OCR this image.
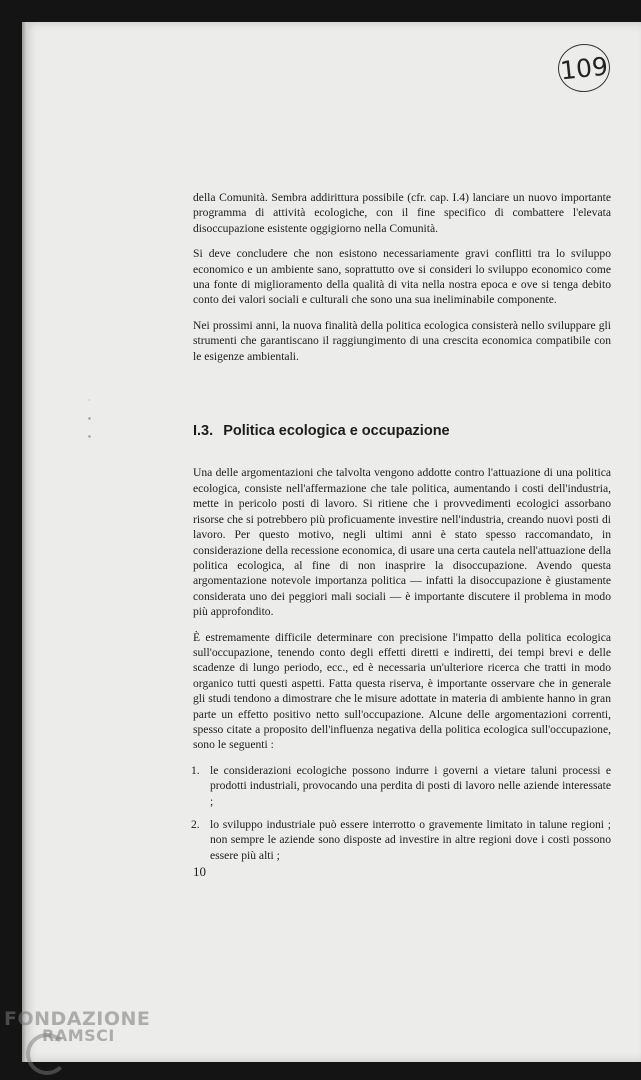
109
·
▪
▪

della Comunità. Sembra addirittura possibile (cfr. cap. I.4) lanciare un nuovo importante programma di attività ecologiche, con il fine specifico di combattere l'elevata disoccupazione esistente oggigiorno nella Comunità.

Si deve concludere che non esistono necessariamente gravi conflitti tra lo sviluppo economico e un ambiente sano, soprattutto ove si consideri lo sviluppo economico come una fonte di miglioramento della qualità di vita nella nostra epoca e ove si tenga debito conto dei valori sociali e culturali che sono una sua ineliminabile componente.

Nei prossimi anni, la nuova finalità della politica ecologica consisterà nello sviluppare gli strumenti che garantiscano il raggiungimento di una crescita economica compatibile con le esigenze ambientali.

I.3. Politica ecologica e occupazione

Una delle argomentazioni che talvolta vengono addotte contro l'attuazione di una politica ecologica, consiste nell'affermazione che tale politica, aumentando i costi dell'industria, mette in pericolo posti di lavoro. Si ritiene che i provvedimenti ecologici assorbano risorse che si potrebbero più proficuamente investire nell'industria, creando nuovi posti di lavoro. Per questo motivo, negli ultimi anni è stato spesso raccomandato, in considerazione della recessione economica, di usare una certa cautela nell'attuazione della politica ecologica, al fine di non inasprire la disoccupazione. Avendo questa argomentazione notevole importanza politica — infatti la disoccupazione è giustamente considerata uno dei peggiori mali sociali — è importante discutere il problema in modo più approfondito.

È estremamente difficile determinare con precisione l'impatto della politica ecologica sull'occupazione, tenendo conto degli effetti diretti e indiretti, dei tempi brevi e delle scadenze di lungo periodo, ecc., ed è necessaria un'ulteriore ricerca che tratti in modo organico tutti questi aspetti. Fatta questa riserva, è importante osservare che in generale gli studi tendono a dimostrare che le misure adottate in materia di ambiente hanno in gran parte un effetto positivo netto sull'occupazione. Alcune delle argomentazioni correnti, spesso citate a proposito dell'influenza negativa della politica ecologica sull'occupazione, sono le seguenti :

1. le considerazioni ecologiche possono indurre i governi a vietare taluni processi e prodotti industriali, provocando una perdita di posti di lavoro nelle aziende interessate ;
2. lo sviluppo industriale può essere interrotto o gravemente limitato in talune regioni ; non sempre le aziende sono disposte ad investire in altre regioni dove i costi possono essere più alti ;
10
FONDAZIONE
RAMSCI
